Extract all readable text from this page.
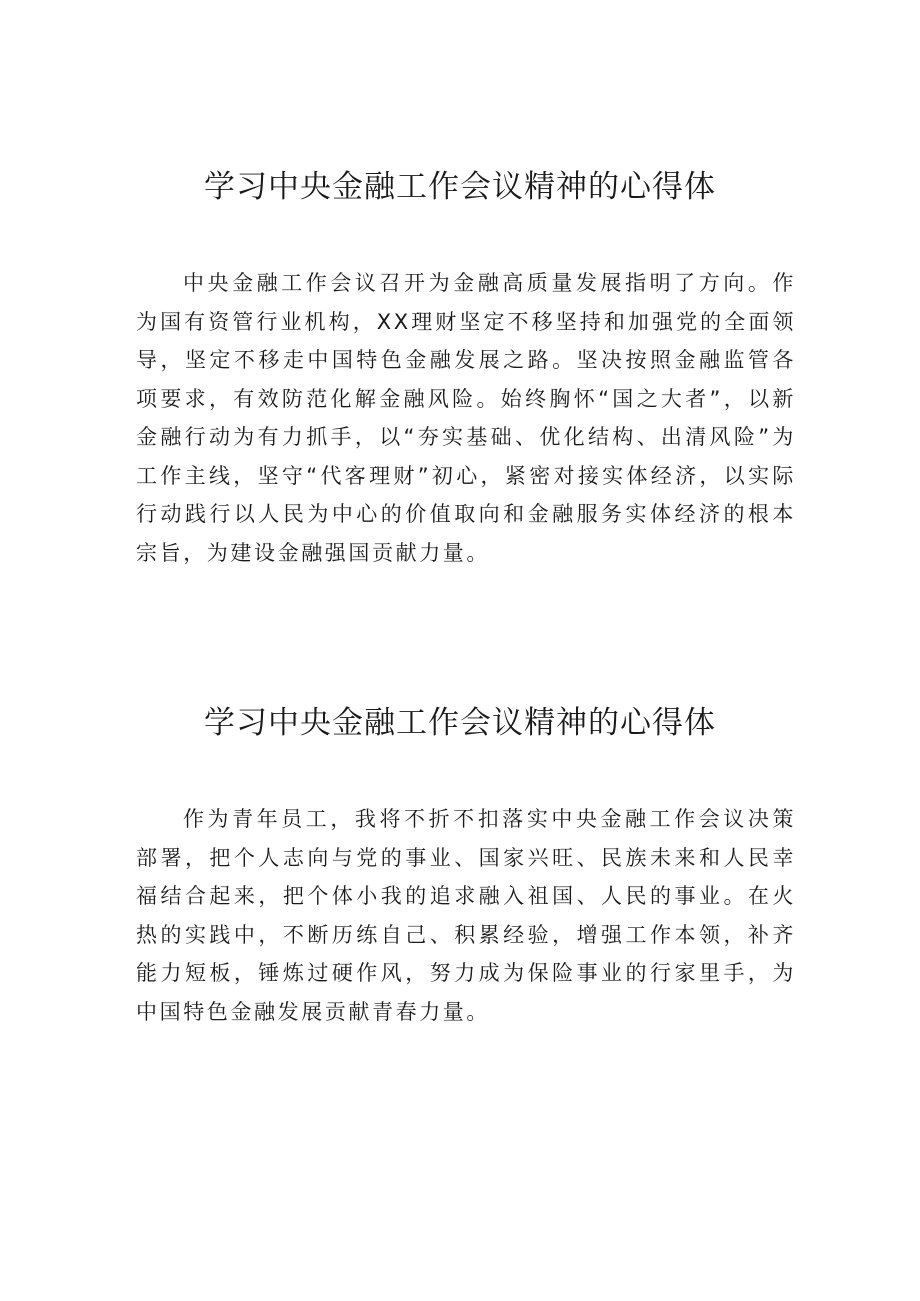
学习中央金融工作会议精神的心得体

中央金融工作会议召开为金融高质量发展指明了方向。作为国有资管行业机构，XX理财坚定不移坚持和加强党的全面领导，坚定不移走中国特色金融发展之路。坚决按照金融监管各项要求，有效防范化解金融风险。始终胸怀“国之大者”，以新金融行动为有力抓手，以“夯实基础、优化结构、出清风险”为工作主线，坚守“代客理财”初心，紧密对接实体经济，以实际行动践行以人民为中心的价值取向和金融服务实体经济的根本宗旨，为建设金融强国贡献力量。

学习中央金融工作会议精神的心得体

作为青年员工，我将不折不扣落实中央金融工作会议决策部署，把个人志向与党的事业、国家兴旺、民族未来和人民幸福结合起来，把个体小我的追求融入祖国、人民的事业。在火热的实践中，不断历练自己、积累经验，增强工作本领，补齐能力短板，锤炼过硬作风，努力成为保险事业的行家里手，为中国特色金融发展贡献青春力量。
